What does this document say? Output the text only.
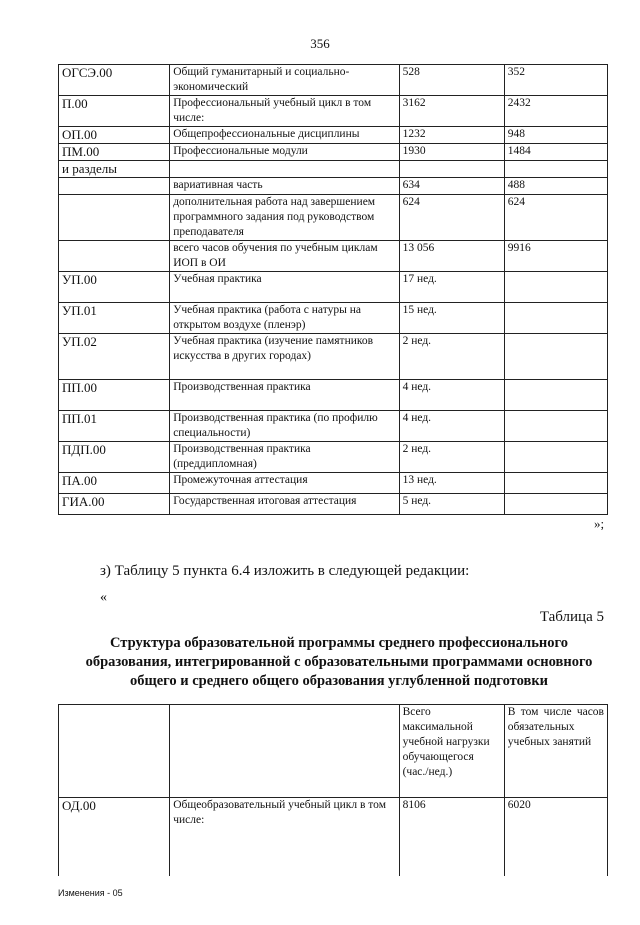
356
ОГСЭ.00	Общий гуманитарный и социально-экономический	528	352
П.00	Профессиональный учебный цикл в том числе:	3162	2432
ОП.00	Общепрофессиональные дисциплины	1232	948
ПМ.00	Профессиональные модули	1930	1484
и разделы			
	вариативная часть	634	488
	дополнительная работа над завершением программного задания под руководством преподавателя	624	624
	всего часов обучения по учебным циклам ИОП в ОИ	13 056	9916
УП.00	Учебная практика	17 нед.	
УП.01	Учебная практика (работа с натуры на открытом воздухе (пленэр)	15 нед.	
УП.02	Учебная практика (изучение памятников искусства в других городах)	2 нед.	
ПП.00	Производственная практика	4 нед.	
ПП.01	Производственная практика (по профилю специальности)	4 нед.	
ПДП.00	Производственная практика (преддипломная)	2 нед.	
ПА.00	Промежуточная аттестация	13 нед.	
ГИА.00	Государственная итоговая аттестация	5 нед.	
»;
з) Таблицу 5 пункта 6.4 изложить в следующей редакции:
«
Таблица 5
Структура образовательной программы среднего профессионального образования, интегрированной с образовательными программами основного общего и среднего общего образования углубленной подготовки
		Всего максимальной учебной нагрузки обучающегося (час./нед.)	В том числе часов обязательных учебных занятий
ОД.00	Общеобразовательный учебный цикл в том числе:	8106	6020
Изменения - 05
